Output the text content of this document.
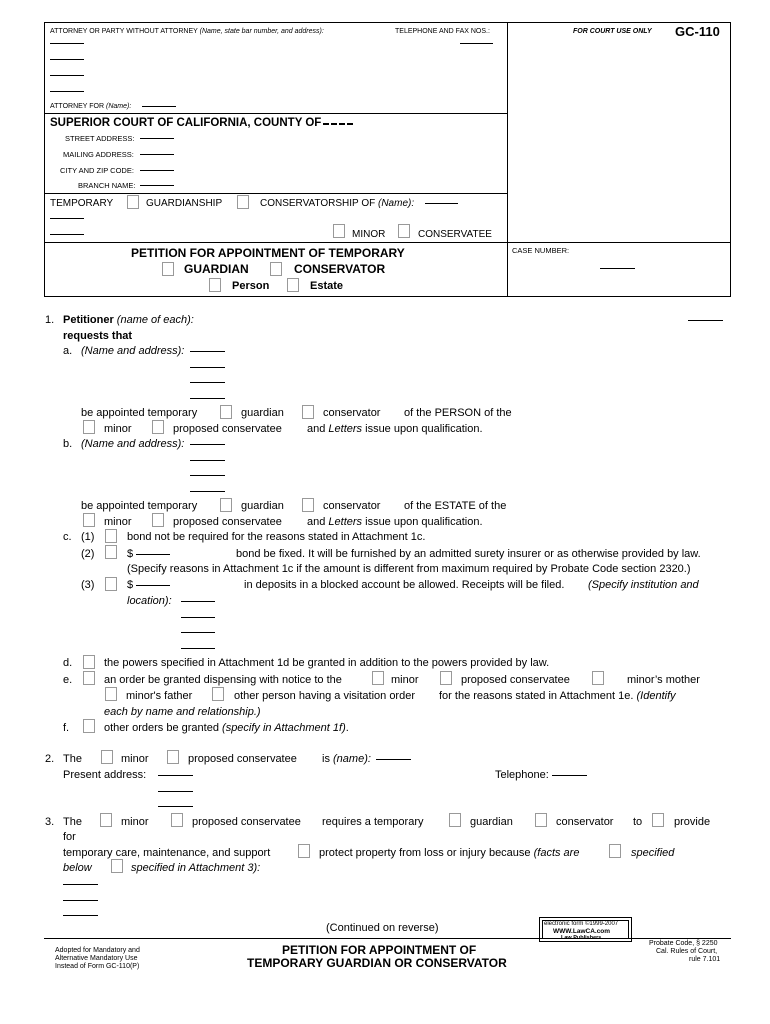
ATTORNEY OR PARTY WITHOUT ATTORNEY (Name, state bar number, and address):	TELEPHONE AND FAX NOS.:
ATTORNEY FOR (Name):
FOR COURT USE ONLY GC-110
SUPERIOR COURT OF CALIFORNIA, COUNTY OF
STREET ADDRESS:
MAILING ADDRESS:
CITY AND ZIP CODE:
BRANCH NAME:
TEMPORARY	GUARDIANSHIP	CONSERVATORSHIP OF (Name):
MINOR	CONSERVATEE
PETITION FOR APPOINTMENT OF TEMPORARY
GUARDIAN	CONSERVATOR
Person	Estate
CASE NUMBER:
1. Petitioner (name of each):
requests that
a. (Name and address):
be appointed temporary	guardian	conservator of the PERSON of the
minor	proposed conservatee and Letters issue upon qualification.
b. (Name and address):
be appointed temporary	guardian	conservator of the ESTATE of the
minor	proposed conservatee and Letters issue upon qualification.
c. (1)	bond not be required for the reasons stated in Attachment 1c.
(2)	$	bond be fixed. It will be furnished by an admitted surety insurer or as otherwise provided by law.
(Specify reasons in Attachment 1c if the amount is different from maximum required by Probate Code section 2320.)
(3)	$	in deposits in a blocked account be allowed. Receipts will be filed. (Specify institution and
location):
d.	the powers specified in Attachment 1d be granted in addition to the powers provided by law.
e.	an order be granted dispensing with notice to the	minor	proposed conservatee	minor’s mother
minor's father	other person having a visitation order for the reasons stated in Attachment 1e. (Identify
each by name and relationship.)
f.	other orders be granted (specify in Attachment 1f).
2. The	minor	proposed conservatee is (name):
Present address:	Telephone:
3. The	minor	proposed conservatee requires a temporary	guardian	conservator to	provide
for
temporary care, maintenance, and support	protect property from loss or injury because (facts are	specified
below	specified in Attachment 3):
(Continued on reverse)	electronic form ©1999-2007
WWW.LawCA.com
Law Publishers
Adopted for Mandatory and
Alternative Mandatory Use
Instead of Form GC-110(P)
PETITION FOR APPOINTMENT OF
TEMPORARY GUARDIAN OR CONSERVATOR
Probate Code, § 2250
Cal. Rules of Court,
rule 7.101
